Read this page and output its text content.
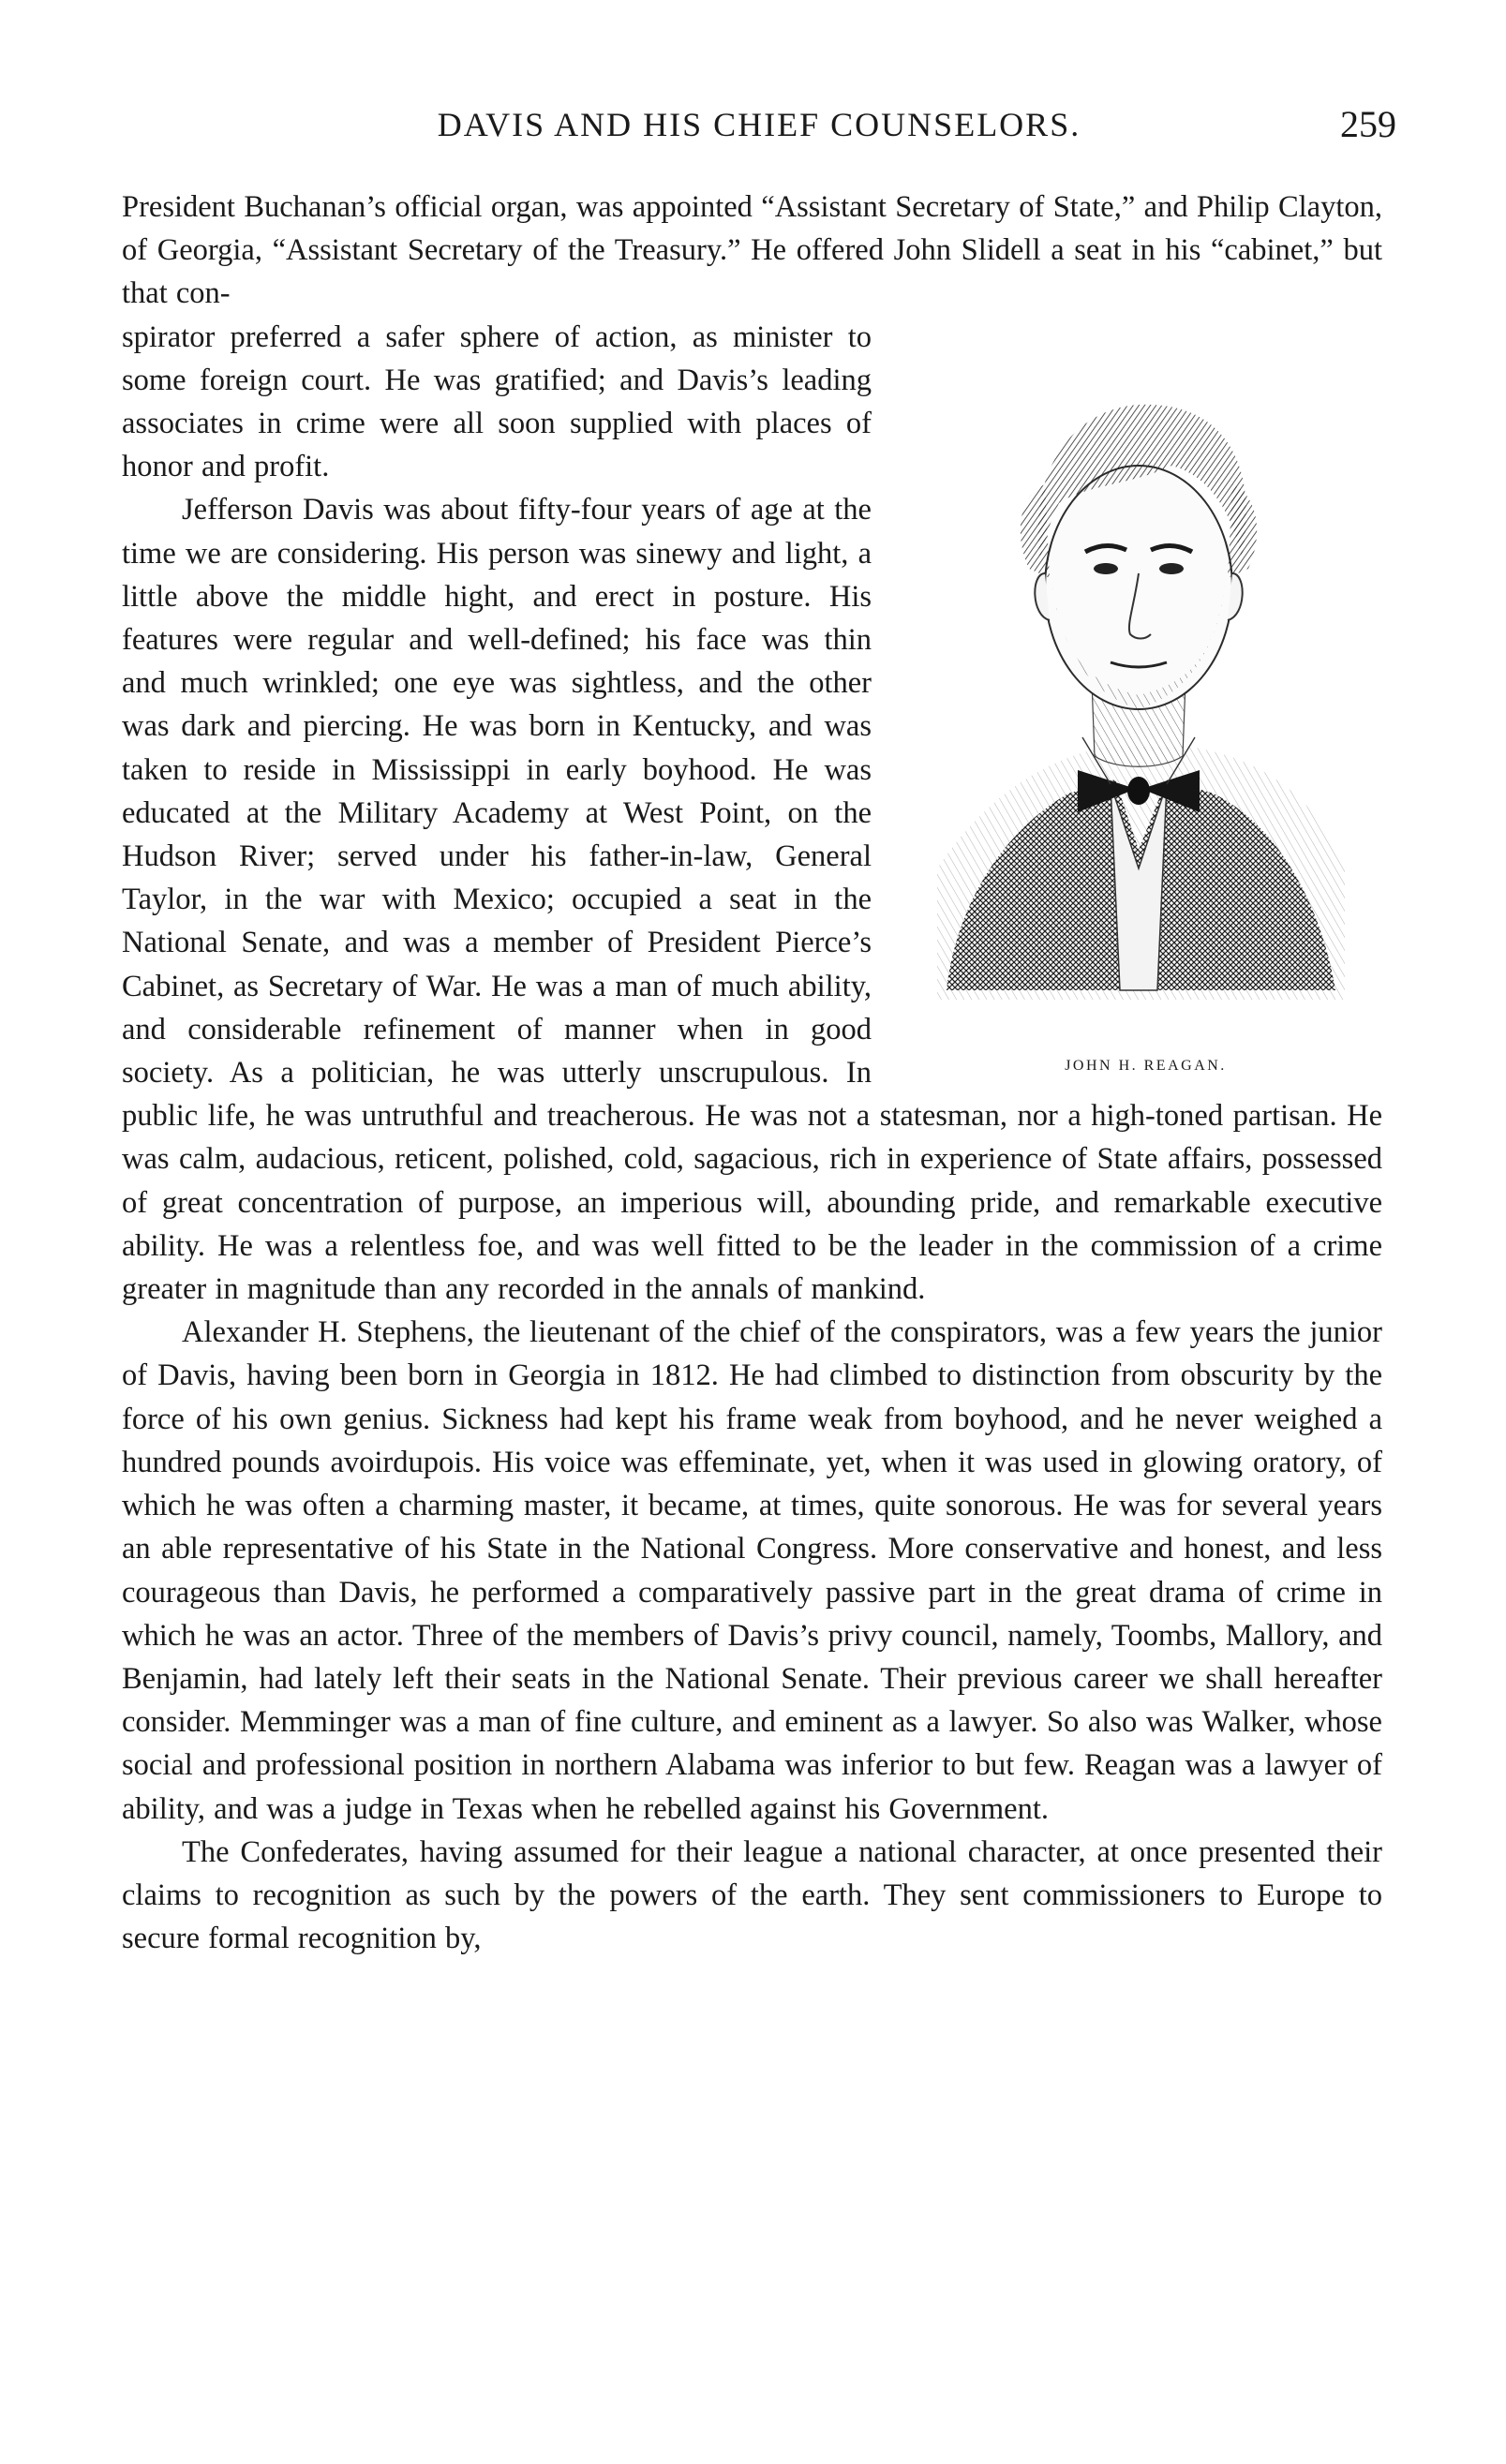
DAVIS AND HIS CHIEF COUNSELORS.	259

President Buchanan’s official organ, was appointed “Assistant Secretary of State,” and Philip Clayton, of Georgia, “Assistant Secretary of the Treasury.” He offered John Slidell a seat in his “cabinet,” but that con-

JOHN H. REAGAN.

spirator preferred a safer sphere of action, as minister to some foreign court. He was gratified; and Davis’s leading associates in crime were all soon supplied with places of honor and profit.

Jefferson Davis was about fifty-four years of age at the time we are considering. His person was sinewy and light, a little above the middle hight, and erect in posture. His features were regular and well-defined; his face was thin and much wrinkled; one eye was sightless, and the other was dark and piercing. He was born in Kentucky, and was taken to reside in Mississippi in early boyhood. He was educated at the Military Academy at West Point, on the Hudson River; served under his father-in-law, General Taylor, in the war with Mexico; occupied a seat in the National Senate, and was a member of President Pierce’s Cabinet, as Secretary of War. He was a man of much ability, and considerable refinement of manner when in good society. As a politician, he was utterly unscrupulous. In public life, he was untruthful and treacherous. He was not a statesman, nor a high-toned partisan. He was calm, audacious, reticent, polished, cold, sagacious, rich in experience of State affairs, possessed of great concentration of purpose, an imperious will, abounding pride, and remarkable executive ability. He was a relentless foe, and was well fitted to be the leader in the commission of a crime greater in magnitude than any recorded in the annals of mankind.

Alexander H. Stephens, the lieutenant of the chief of the conspirators, was a few years the junior of Davis, having been born in Georgia in 1812. He had climbed to distinction from obscurity by the force of his own genius. Sickness had kept his frame weak from boyhood, and he never weighed a hundred pounds avoirdupois. His voice was effeminate, yet, when it was used in glowing oratory, of which he was often a charming master, it became, at times, quite sonorous. He was for several years an able representative of his State in the National Congress. More conservative and honest, and less courageous than Davis, he performed a comparatively passive part in the great drama of crime in which he was an actor. Three of the members of Davis’s privy council, namely, Toombs, Mallory, and Benjamin, had lately left their seats in the National Senate. Their previous career we shall hereafter consider. Memminger was a man of fine culture, and eminent as a lawyer. So also was Walker, whose social and professional position in northern Alabama was inferior to but few. Reagan was a lawyer of ability, and was a judge in Texas when he rebelled against his Government.

The Confederates, having assumed for their league a national character, at once presented their claims to recognition as such by the powers of the earth. They sent commissioners to Europe to secure formal recognition by,
